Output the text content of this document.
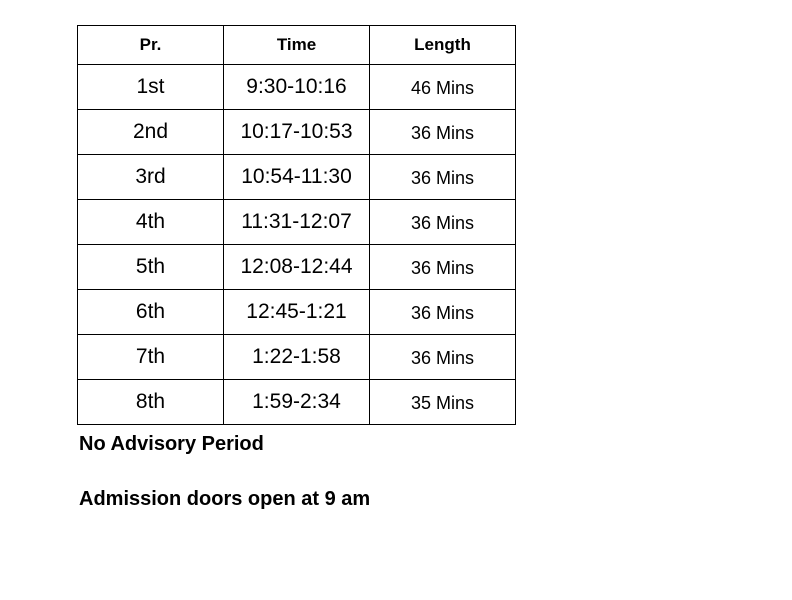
Pr.	Time	Length
1st	9:30-10:16	46 Mins
2nd	10:17-10:53	36 Mins
3rd	10:54-11:30	36 Mins
4th	11:31-12:07	36 Mins
5th	12:08-12:44	36 Mins
6th	12:45-1:21	36 Mins
7th	1:22-1:58	36 Mins
8th	1:59-2:34	35 Mins

No Advisory Period

Admission doors open at 9 am
